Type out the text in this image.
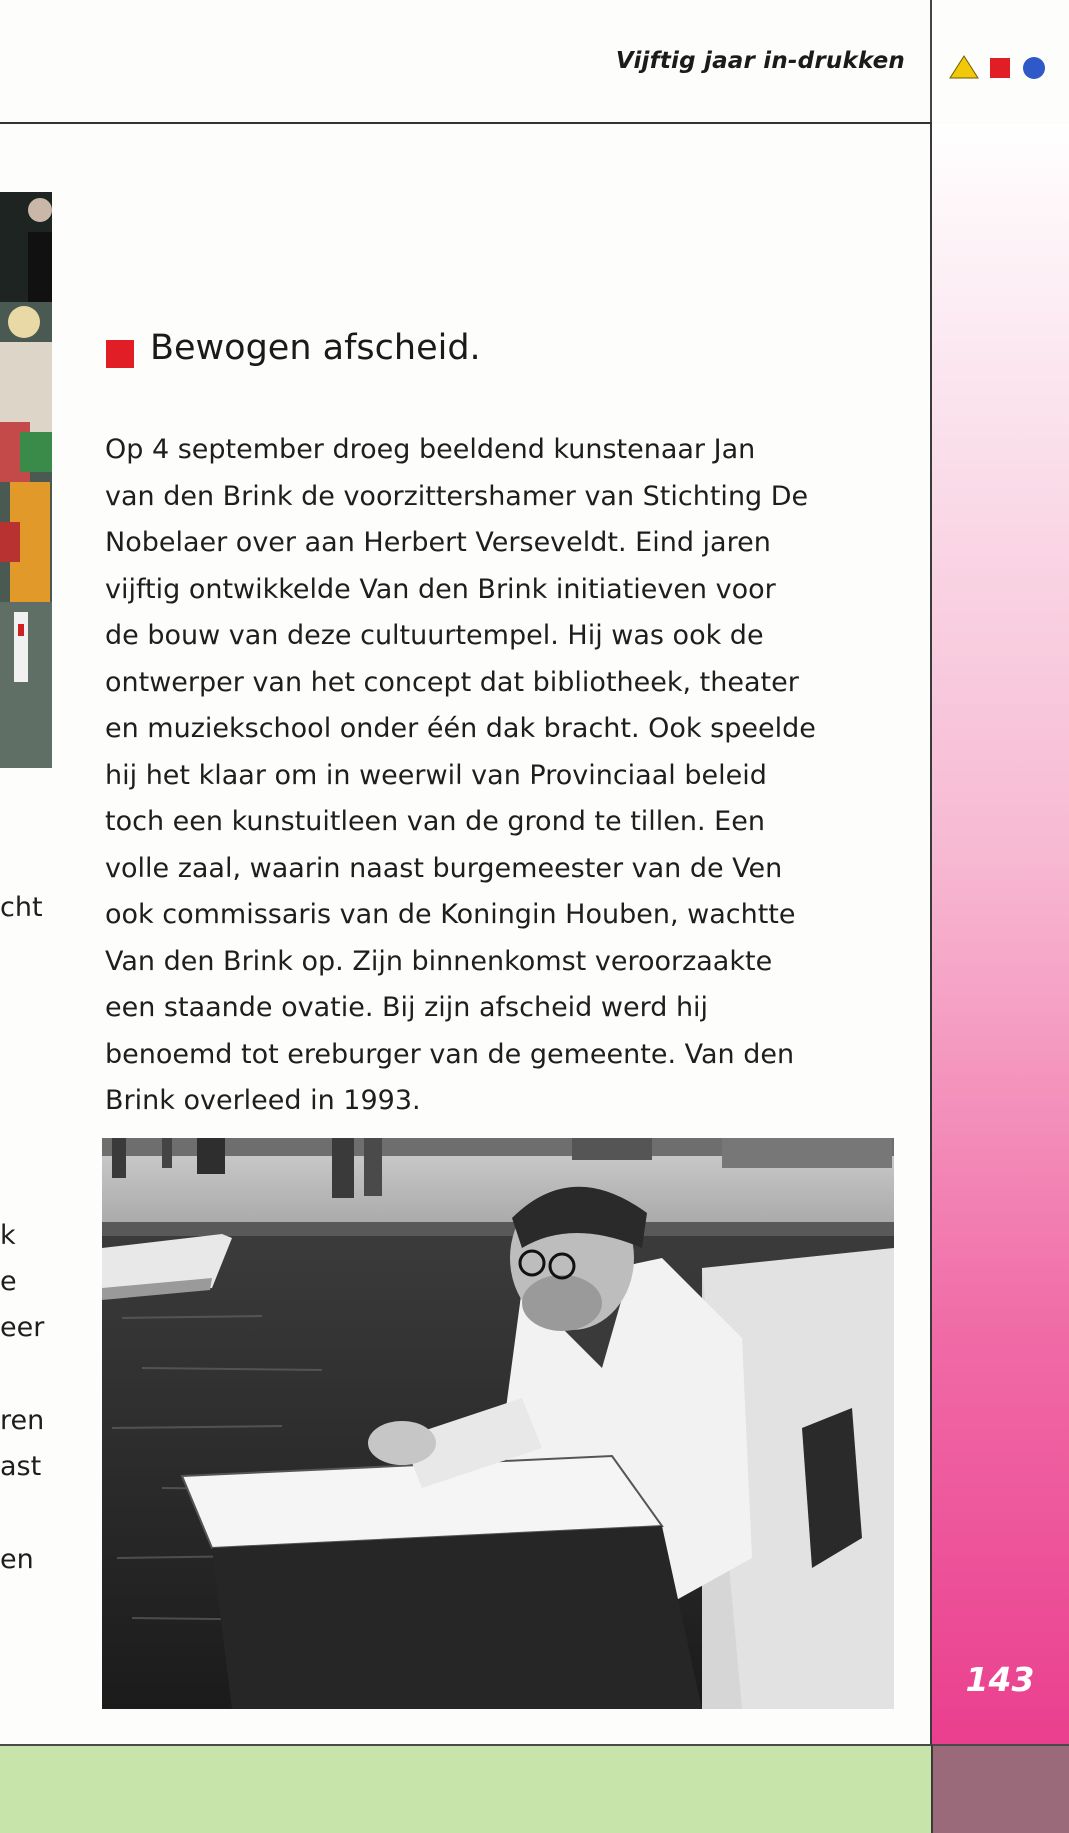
Vijftig jaar in-drukken
143
cht
k
e
eer
ren
ast
en
Bewogen afscheid.

Op 4 september droeg beeldend kunstenaar Jan
van den Brink de voorzittershamer van Stichting De
Nobelaer over aan Herbert Verseveldt. Eind jaren
vijftig ontwikkelde Van den Brink initiatieven voor
de bouw van deze cultuurtempel. Hij was ook de
ontwerper van het concept dat bibliotheek, theater
en muziekschool onder één dak bracht. Ook speelde
hij het klaar om in weerwil van Provinciaal beleid
toch een kunstuitleen van de grond te tillen. Een
volle zaal, waarin naast burgemeester van de Ven
ook commissaris van de Koningin Houben, wachtte
Van den Brink op. Zijn binnenkomst veroorzaakte
een staande ovatie. Bij zijn afscheid werd hij
benoemd tot ereburger van de gemeente. Van den
Brink overleed in 1993.
